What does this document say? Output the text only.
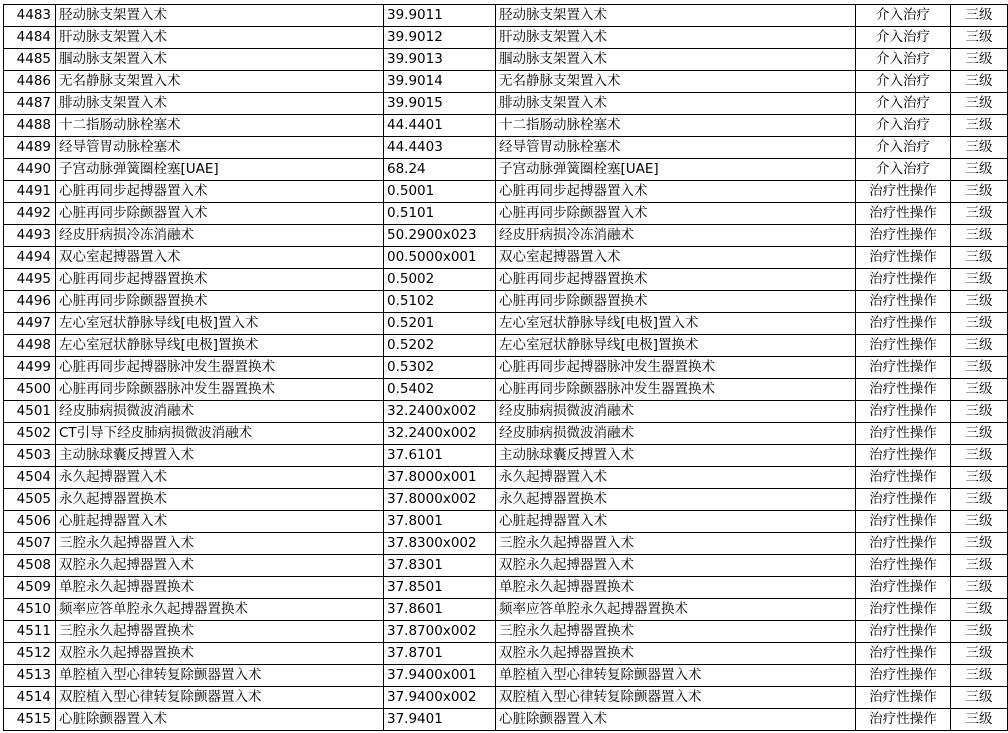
4483	胫动脉支架置入术	39.9011	胫动脉支架置入术	介入治疗	三级
4484	肝动脉支架置入术	39.9012	肝动脉支架置入术	介入治疗	三级
4485	腘动脉支架置入术	39.9013	腘动脉支架置入术	介入治疗	三级
4486	无名静脉支架置入术	39.9014	无名静脉支架置入术	介入治疗	三级
4487	腓动脉支架置入术	39.9015	腓动脉支架置入术	介入治疗	三级
4488	十二指肠动脉栓塞术	44.4401	十二指肠动脉栓塞术	介入治疗	三级
4489	经导管胃动脉栓塞术	44.4403	经导管胃动脉栓塞术	介入治疗	三级
4490	子宫动脉弹簧圈栓塞[UAE]	68.24	子宫动脉弹簧圈栓塞[UAE]	介入治疗	三级
4491	心脏再同步起搏器置入术	0.5001	心脏再同步起搏器置入术	治疗性操作	三级
4492	心脏再同步除颤器置入术	0.5101	心脏再同步除颤器置入术	治疗性操作	三级
4493	经皮肝病损冷冻消融术	50.2900x023	经皮肝病损冷冻消融术	治疗性操作	三级
4494	双心室起搏器置入术	00.5000x001	双心室起搏器置入术	治疗性操作	三级
4495	心脏再同步起搏器置换术	0.5002	心脏再同步起搏器置换术	治疗性操作	三级
4496	心脏再同步除颤器置换术	0.5102	心脏再同步除颤器置换术	治疗性操作	三级
4497	左心室冠状静脉导线[电极]置入术	0.5201	左心室冠状静脉导线[电极]置入术	治疗性操作	三级
4498	左心室冠状静脉导线[电极]置换术	0.5202	左心室冠状静脉导线[电极]置换术	治疗性操作	三级
4499	心脏再同步起搏器脉冲发生器置换术	0.5302	心脏再同步起搏器脉冲发生器置换术	治疗性操作	三级
4500	心脏再同步除颤器脉冲发生器置换术	0.5402	心脏再同步除颤器脉冲发生器置换术	治疗性操作	三级
4501	经皮肺病损微波消融术	32.2400x002	经皮肺病损微波消融术	治疗性操作	三级
4502	CT引导下经皮肺病损微波消融术	32.2400x002	经皮肺病损微波消融术	治疗性操作	三级
4503	主动脉球囊反搏置入术	37.6101	主动脉球囊反搏置入术	治疗性操作	三级
4504	永久起搏器置入术	37.8000x001	永久起搏器置入术	治疗性操作	三级
4505	永久起搏器置换术	37.8000x002	永久起搏器置换术	治疗性操作	三级
4506	心脏起搏器置入术	37.8001	心脏起搏器置入术	治疗性操作	三级
4507	三腔永久起搏器置入术	37.8300x002	三腔永久起搏器置入术	治疗性操作	三级
4508	双腔永久起搏器置入术	37.8301	双腔永久起搏器置入术	治疗性操作	三级
4509	单腔永久起搏器置换术	37.8501	单腔永久起搏器置换术	治疗性操作	三级
4510	频率应答单腔永久起搏器置换术	37.8601	频率应答单腔永久起搏器置换术	治疗性操作	三级
4511	三腔永久起搏器置换术	37.8700x002	三腔永久起搏器置换术	治疗性操作	三级
4512	双腔永久起搏器置换术	37.8701	双腔永久起搏器置换术	治疗性操作	三级
4513	单腔植入型心律转复除颤器置入术	37.9400x001	单腔植入型心律转复除颤器置入术	治疗性操作	三级
4514	双腔植入型心律转复除颤器置入术	37.9400x002	双腔植入型心律转复除颤器置入术	治疗性操作	三级
4515	心脏除颤器置入术	37.9401	心脏除颤器置入术	治疗性操作	三级
